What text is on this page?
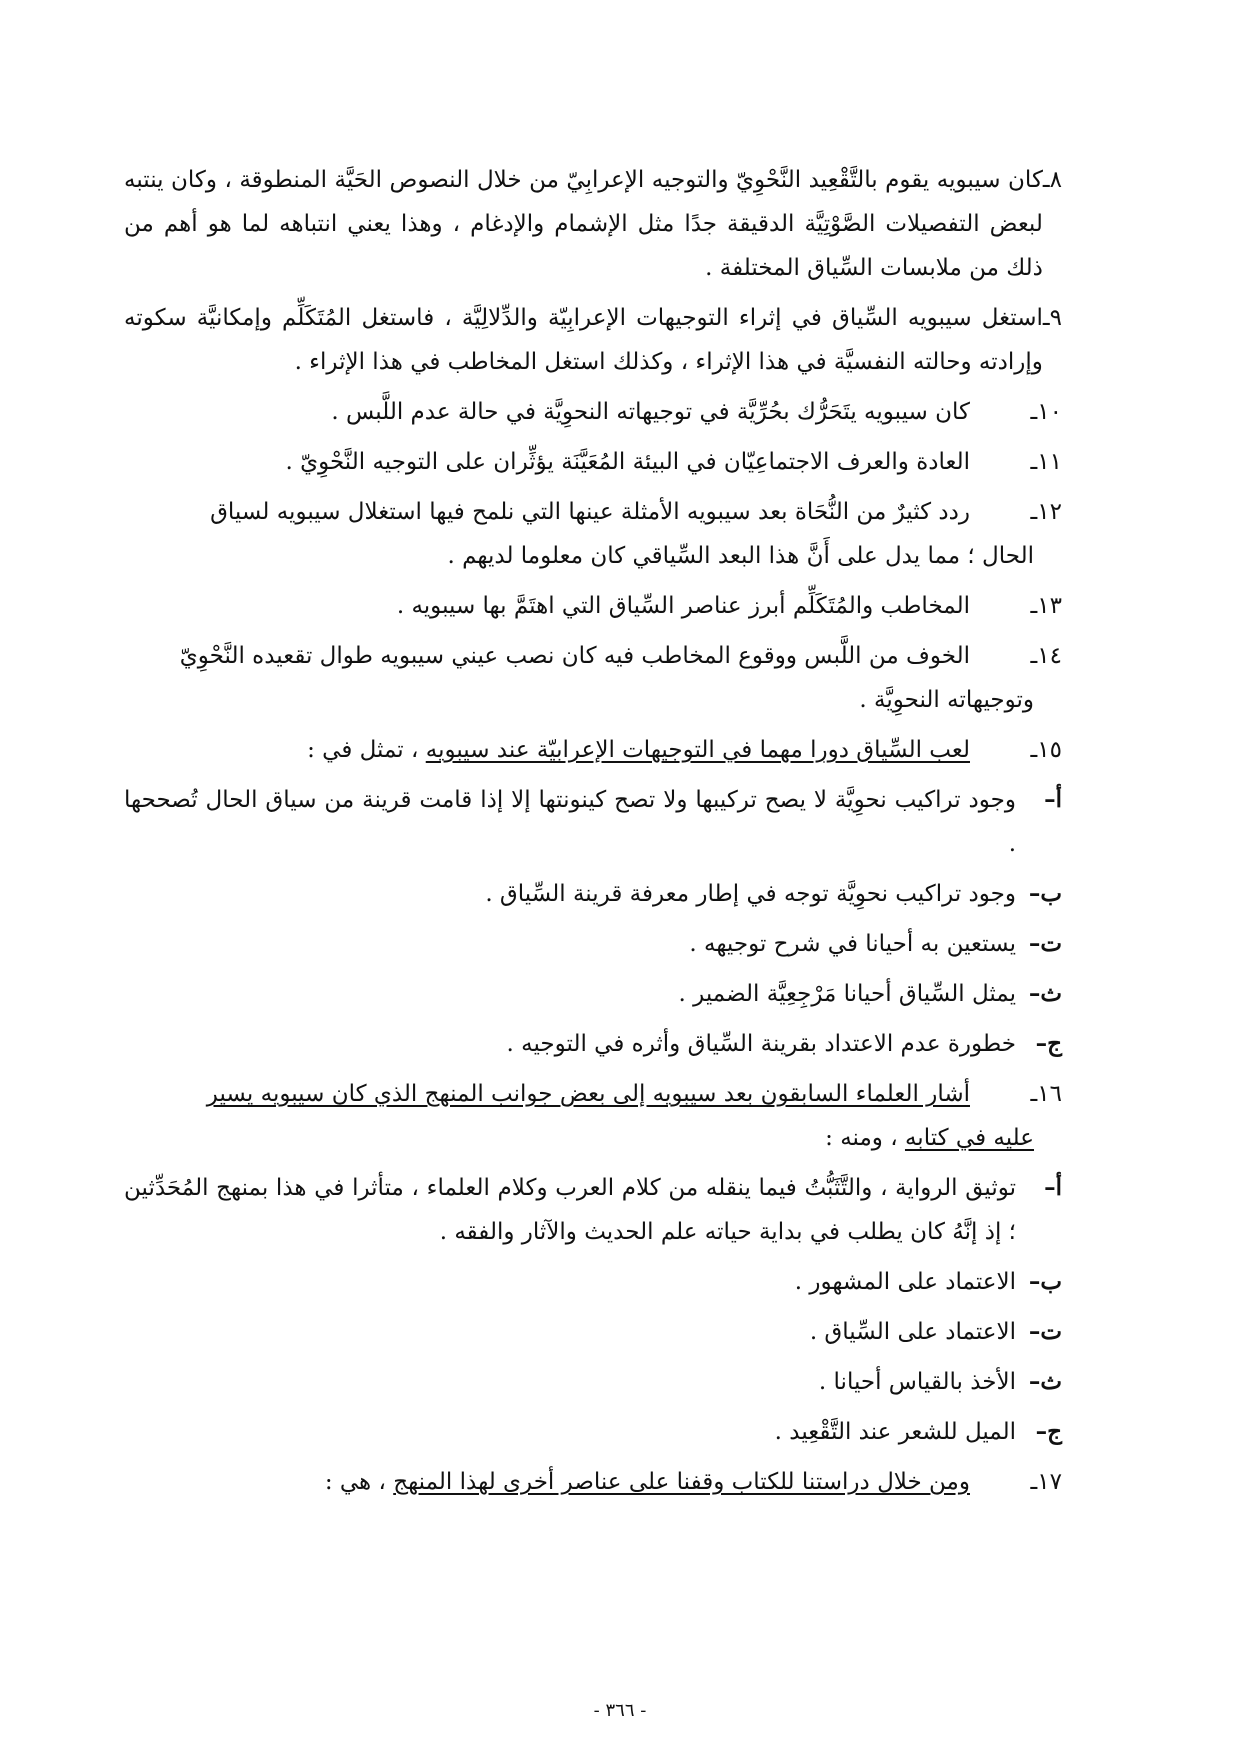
٨ـ
كان سيبويه يقوم بالتَّقْعِيد النَّحْوِيّ والتوجيه الإعرابِيّ من خلال النصوص الحَيَّة المنطوقة ، وكان ينتبه لبعض التفصيلات الصَّوْتِيَّة الدقيقة جدًا مثل الإشمام والإدغام ، وهذا يعني انتباهه لما هو أهم من ذلك من ملابسات السِّياق المختلفة .
٩ـ
استغل سيبويه السِّياق في إثراء التوجيهات الإعرابِيّة والدِّلالِيَّة ، فاستغل المُتَكَلِّم وإمكانيَّة سكوته وإرادته وحالته النفسيَّة في هذا الإثراء ، وكذلك استغل المخاطب في هذا الإثراء .
١٠ـ
كان سيبويه يتَحَرُّك بحُرِّيَّة في توجيهاته النحوِيَّة في حالة عدم اللَّبس .
١١ـ
العادة والعرف الاجتماعِيّان في البيئة المُعَيَّنَة يؤثِّران على التوجيه النَّحْوِيّ .
١٢ـ
ردد كثيرٌ من النُّحَاة بعد سيبويه الأمثلة عينها التي نلمح فيها استغلال سيبويه لسياق
الحال ؛ مما يدل على أَنَّ هذا البعد السِّياقي كان معلوما لديهم .
١٣ـ
المخاطب والمُتَكَلِّم أبرز عناصر السِّياق التي اهتَمَّ بها سيبويه .
١٤ـ
الخوف من اللَّبس ووقوع المخاطب فيه كان نصب عيني سيبويه طوال تقعيده النَّحْوِيّ
وتوجيهاته النحوِيَّة .
١٥ـ
لعب السِّياق دورا مهما في التوجيهات الإعرابيّة عند سيبويه ، تمثل في :
أ–
وجود تراكيب نحوِيَّة لا يصح تركيبها ولا تصح كينونتها إلا إذا قامت قرينة من سياق الحال تُصححها .
ب–
وجود تراكيب نحوِيَّة توجه في إطار معرفة قرينة السِّياق .
ت–
يستعين به أحيانا في شرح توجيهه .
ث–
يمثل السِّياق أحيانا مَرْجِعِيَّة الضمير .
ج–
خطورة عدم الاعتداد بقرينة السِّياق وأثره في التوجيه .
١٦ـ
أشار العلماء السابقون بعد سيبويه إلى بعض جوانب المنهج الذي كان سيبويه يسير
عليه في كتابه ، ومنه :
أ–
توثيق الرواية ، والتَّثَبُّتُ فيما ينقله من كلام العرب وكلام العلماء ، متأثرا في هذا بمنهج المُحَدِّثين ؛ إذ إنَّهُ كان يطلب في بداية حياته علم الحديث والآثار والفقه .
ب–
الاعتماد على المشهور .
ت–
الاعتماد على السِّياق .
ث–
الأخذ بالقياس أحيانا .
ج–
الميل للشعر عند التَّقْعِيد .
١٧ـ
ومن خلال دراستنا للكتاب وقفنا على عناصر أخرى لهذا المنهج ، هي :
- ٣٦٦ -
